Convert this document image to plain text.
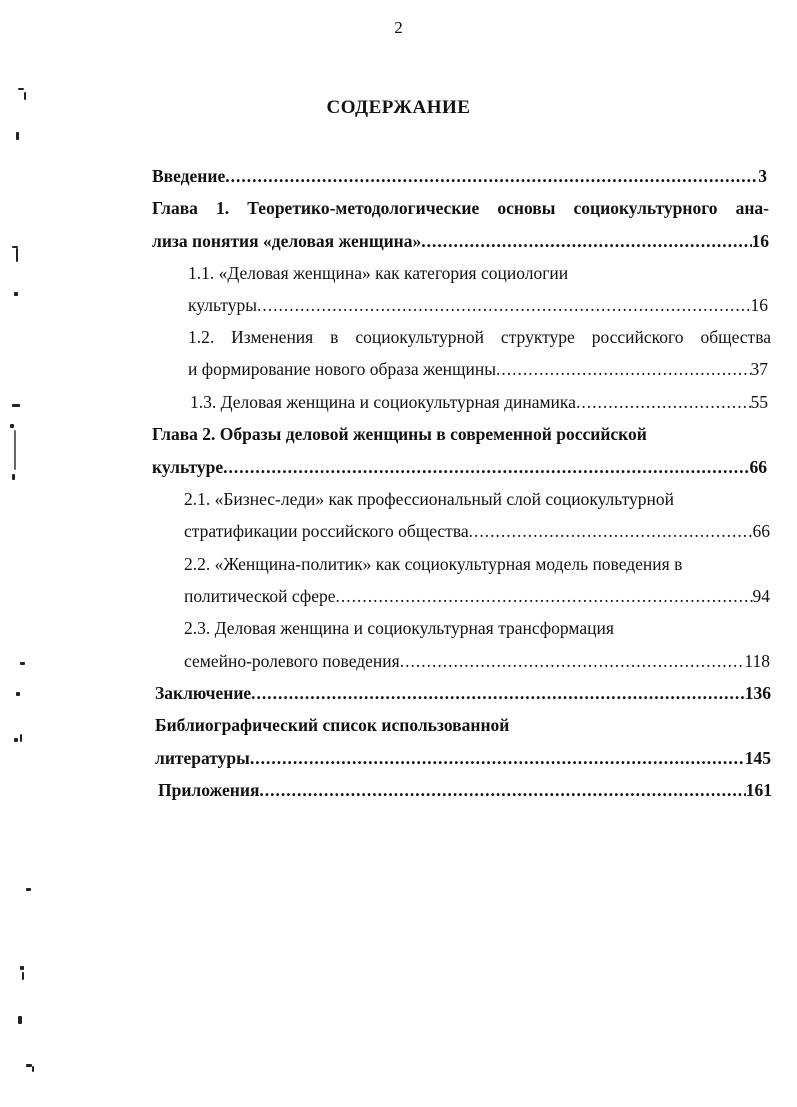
2
СОДЕРЖАНИЕ
Введение .....	3
Глава 1. Теоретико-методологические основы социокультурного ана-
лиза понятия «деловая женщина» .....	16
1.1. «Деловая женщина» как категория социологии
культуры .....	16
1.2. Изменения в социокультурной структуре российского общества
и формирование нового образа женщины .....	37
1.3. Деловая женщина и социокультурная динамика .....	55
Глава 2. Образы деловой женщины в современной российской
культуре .....	66
2.1. «Бизнес-леди» как профессиональный слой социокультурной
стратификации российского общества .....	66
2.2. «Женщина-политик» как социокультурная модель поведения в
политической сфере .....	94
2.3. Деловая женщина и социокультурная трансформация
семейно-ролевого поведения .....	118
Заключение .....	136
Библиографический список использованной
литературы .....	145
Приложения .....	161
